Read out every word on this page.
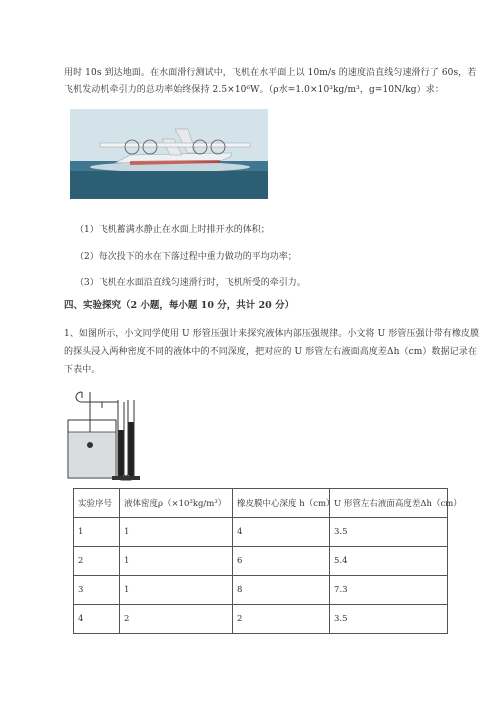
用时 10s 到达地面。在水面滑行测试中，飞机在水平面上以 10m/s 的速度沿直线匀速滑行了 60s，若
飞机发动机牵引力的总功率始终保持 2.5×10⁶W。（ρ水=1.0×10³kg/m³，g=10N/kg）求：
（1）飞机蓄满水静止在水面上时排开水的体积；
（2）每次投下的水在下落过程中重力做功的平均功率；
（3）飞机在水面沿直线匀速滑行时，飞机所受的牵引力。
四、实验探究（2 小题，每小题 10 分，共计 20 分）
1、如图所示，小文同学使用 U 形管压强计来探究液体内部压强规律。小文将 U 形管压强计带有橡皮膜
的探头浸入两种密度不同的液体中的不同深度，把对应的 U 形管左右液面高度差Δh（cm）数据记录在
下表中。
实验序号	液体密度ρ（×10³kg/m³）	橡皮膜中心深度 h（cm）	U 形管左右液面高度差Δh（cm）
1	1	4	3.5
2	1	6	5.4
3	1	8	7.3
4	2	2	3.5
